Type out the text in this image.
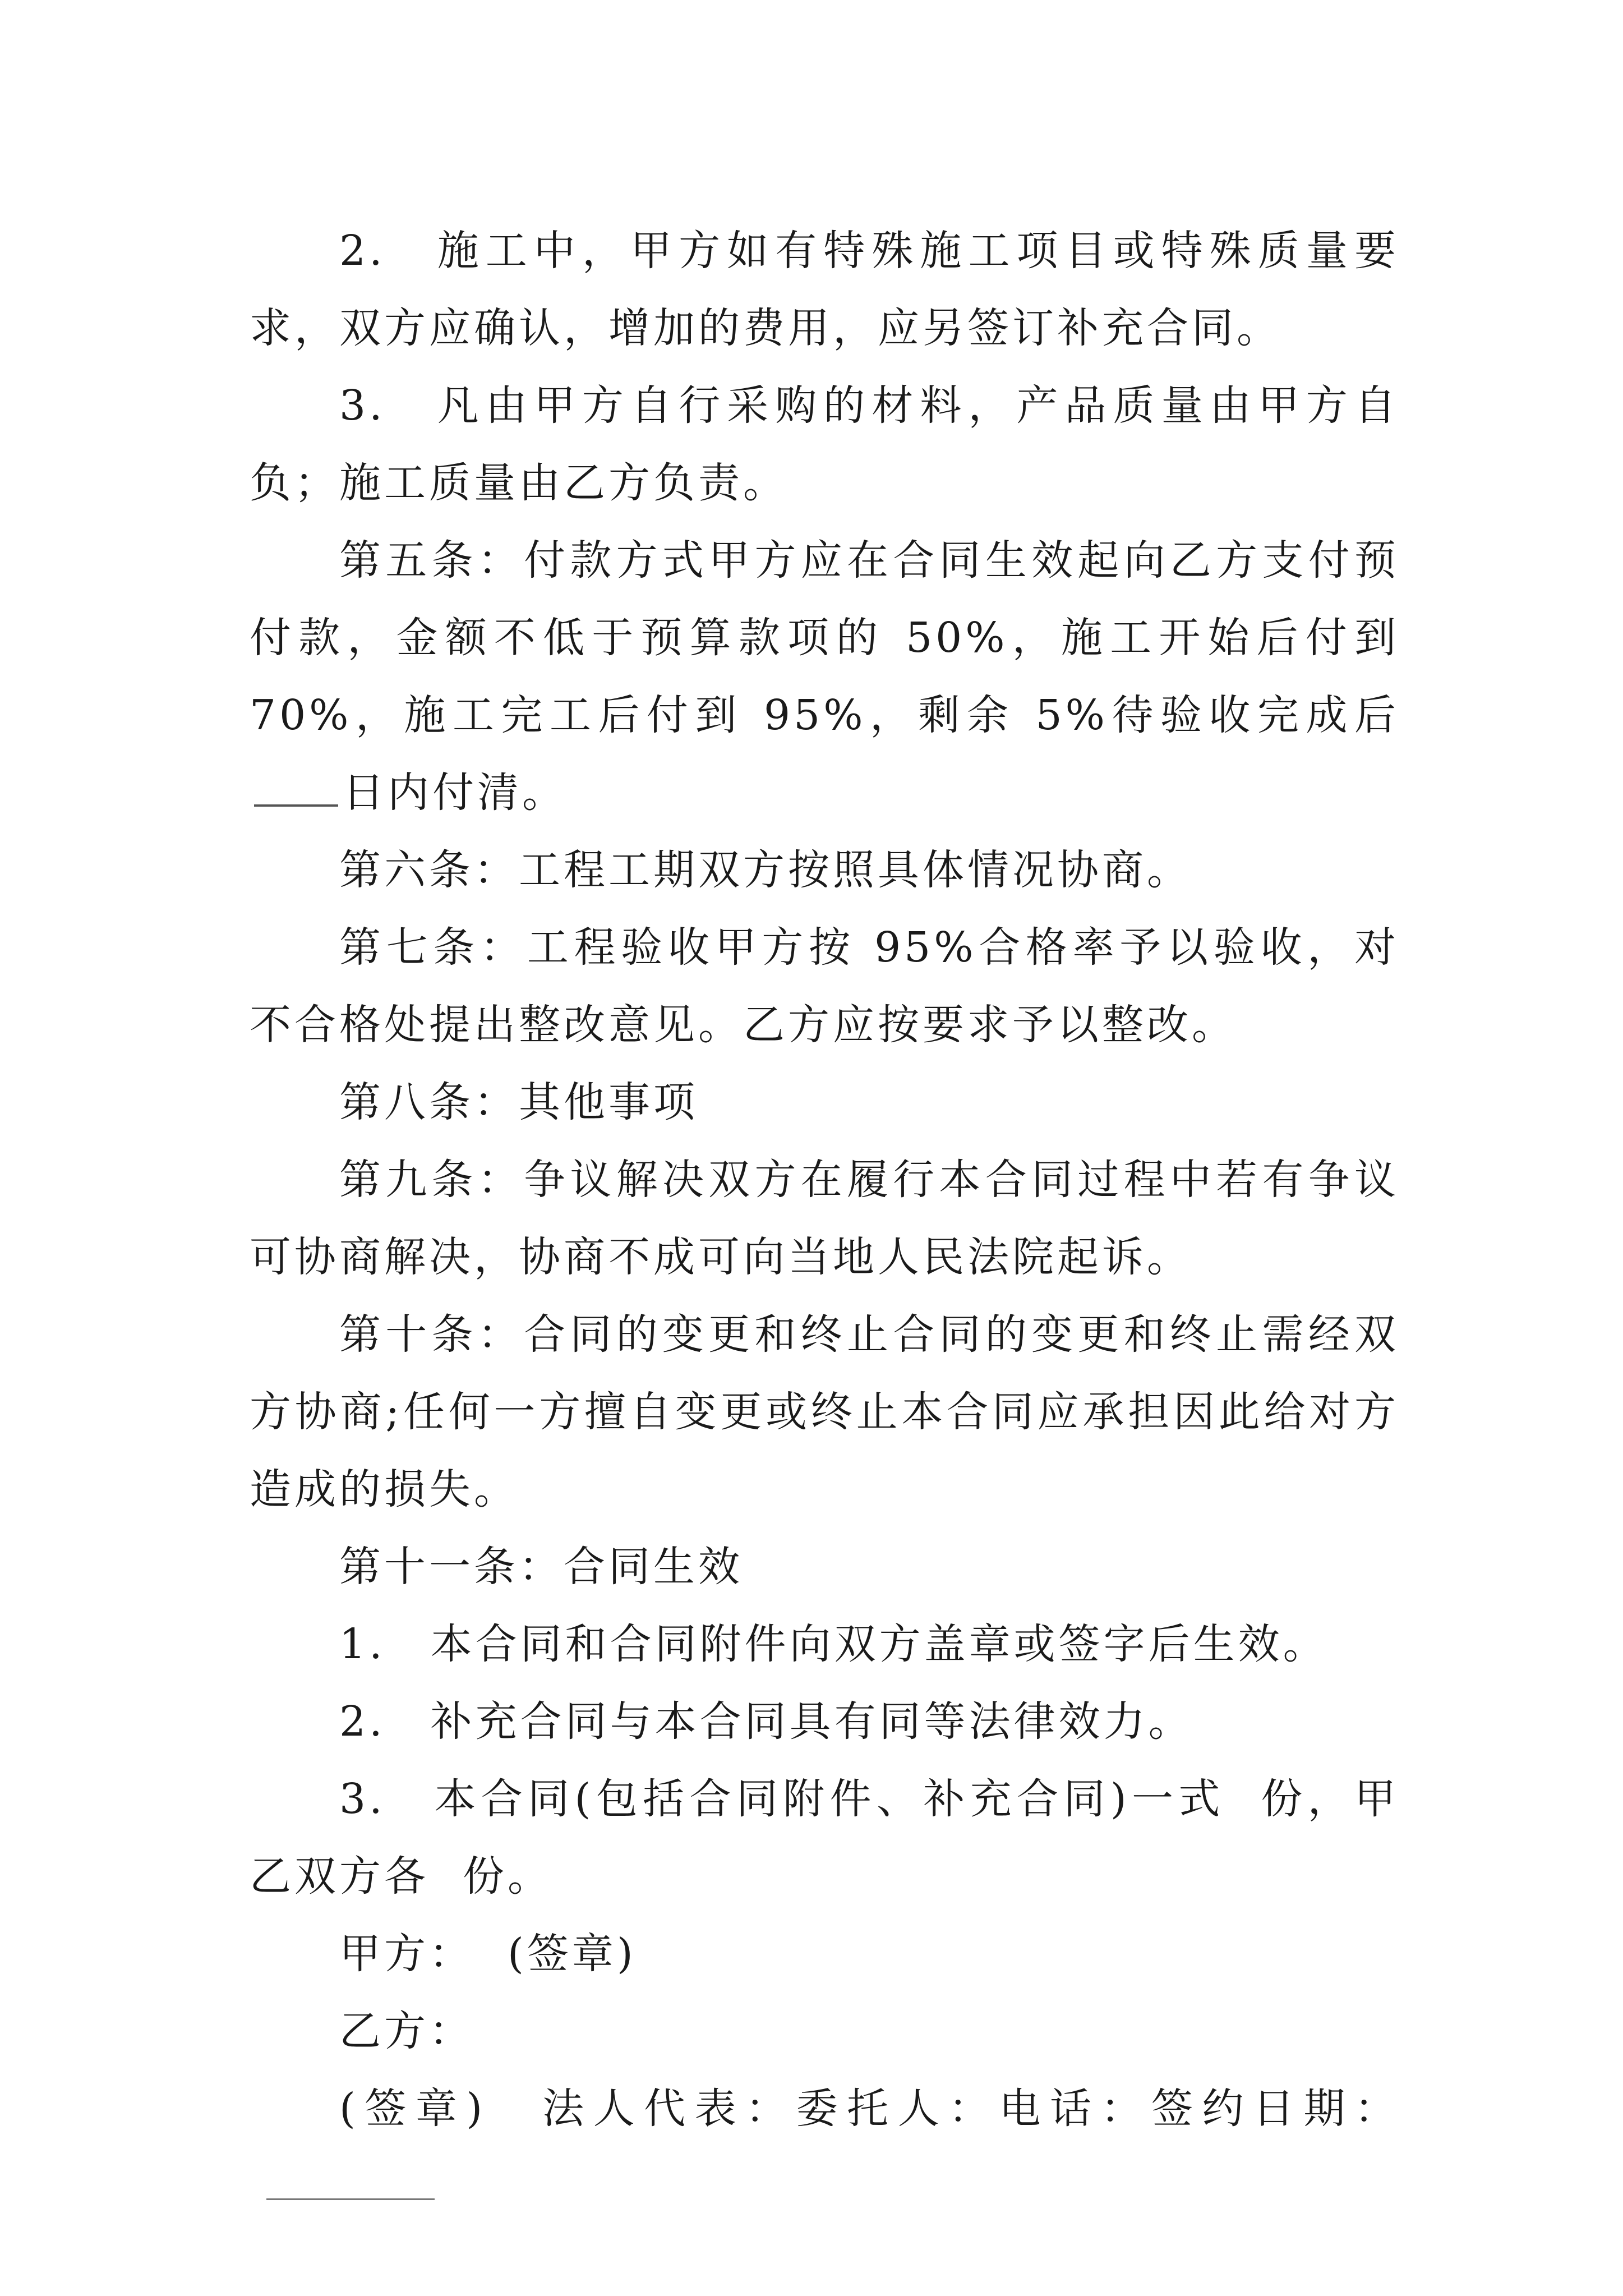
2.　施工中，甲方如有特殊施工项目或特殊质量要求，双方应确认，增加的费用，应另签订补充合同。

3.　凡由甲方自行采购的材料，产品质量由甲方自负；施工质量由乙方负责。

第五条：付款方式甲方应在合同生效起向乙方支付预付款，金额不低于预算款项的 50%，施工开始后付到 70%，施工完工后付到 95%，剩余 5%待验收完成后日内付清。

第六条：工程工期双方按照具体情况协商。

第七条：工程验收甲方按 95%合格率予以验收，对不合格处提出整改意见。乙方应按要求予以整改。

第八条：其他事项

第九条：争议解决双方在履行本合同过程中若有争议可协商解决，协商不成可向当地人民法院起诉。

第十条：合同的变更和终止合同的变更和终止需经双方协商;任何一方擅自变更或终止本合同应承担因此给对方造成的损失。

第十一条：合同生效

1.　本合同和合同附件向双方盖章或签字后生效。

2.　补充合同与本合同具有同等法律效力。

3.　本合同(包括合同附件、补充合同)一式 份，甲乙双方各 份。

甲方： (签章)

乙方：

(签章)　法人代表：委托人：电话：签约日期：
